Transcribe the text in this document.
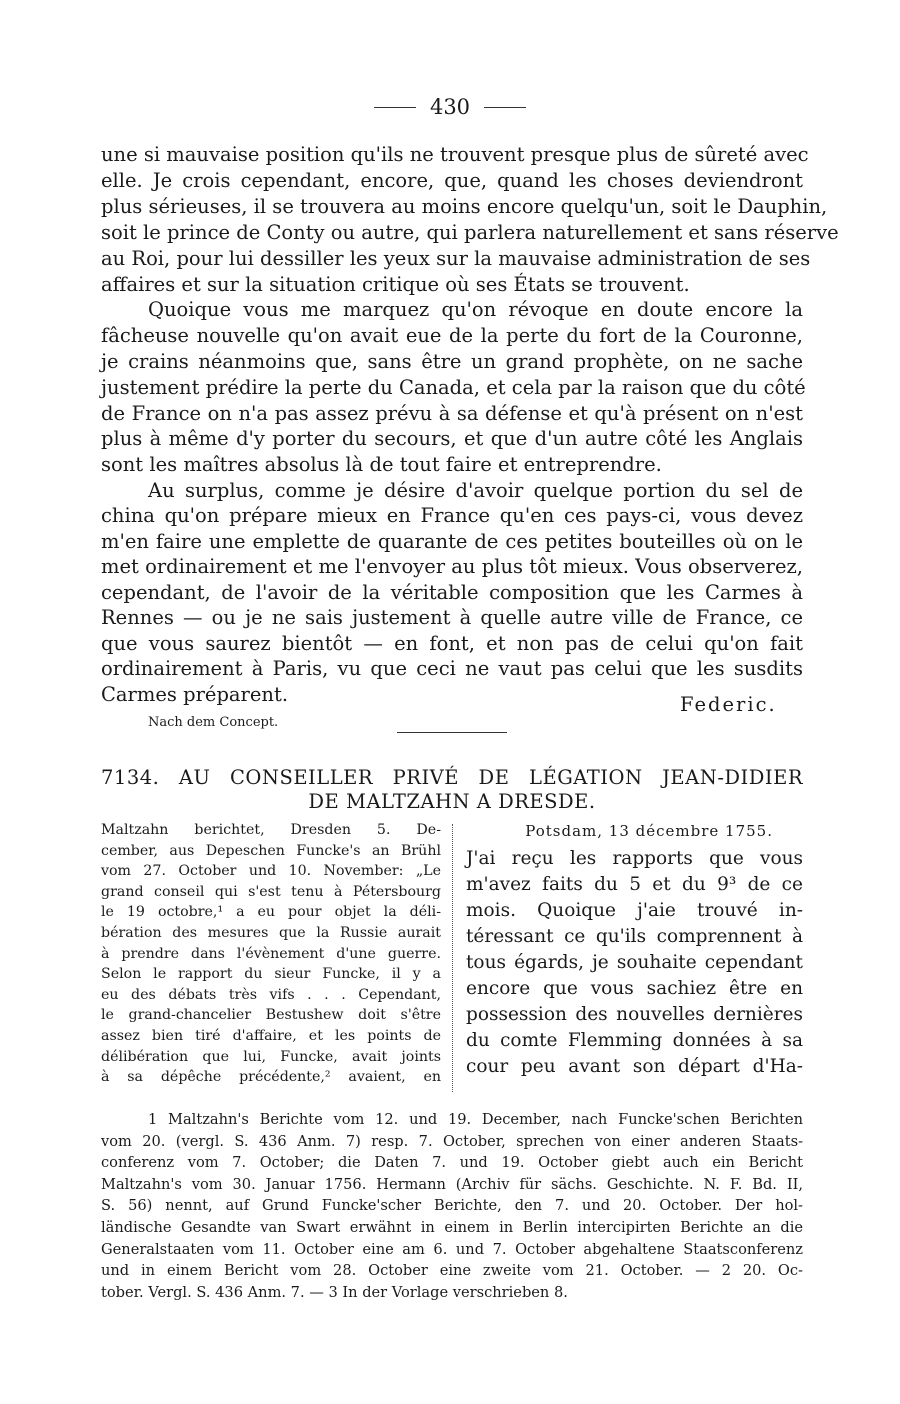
430
une si mauvaise position qu'ils ne trouvent presque plus de sûreté avec
elle. Je crois cependant, encore, que, quand les choses deviendront
plus sérieuses, il se trouvera au moins encore quelqu'un, soit le Dauphin,
soit le prince de Conty ou autre, qui parlera naturellement et sans réserve
au Roi, pour lui dessiller les yeux sur la mauvaise administration de ses
affaires et sur la situation critique où ses États se trouvent.
Quoique vous me marquez qu'on révoque en doute encore la
fâcheuse nouvelle qu'on avait eue de la perte du fort de la Couronne,
je crains néanmoins que, sans être un grand prophète, on ne sache
justement prédire la perte du Canada, et cela par la raison que du côté
de France on n'a pas assez prévu à sa défense et qu'à présent on n'est
plus à même d'y porter du secours, et que d'un autre côté les Anglais
sont les maîtres absolus là de tout faire et entreprendre.
Au surplus, comme je désire d'avoir quelque portion du sel de
china qu'on prépare mieux en France qu'en ces pays-ci, vous devez
m'en faire une emplette de quarante de ces petites bouteilles où on le
met ordinairement et me l'envoyer au plus tôt mieux. Vous observerez,
cependant, de l'avoir de la véritable composition que les Carmes à
Rennes — ou je ne sais justement à quelle autre ville de France, ce
que vous saurez bientôt — en font, et non pas de celui qu'on fait
ordinairement à Paris, vu que ceci ne vaut pas celui que les susdits
Carmes préparent.	Federic.
Nach dem Concept.
7134. AU CONSEILLER PRIVÉ DE LÉGATION JEAN-DIDIER
DE MALTZAHN A DRESDE.
Maltzahn berichtet, Dresden 5. De-
cember, aus Depeschen Funcke's an Brühl
vom 27. October und 10. November: „Le
grand conseil qui s'est tenu à Pétersbourg
le 19 octobre,¹ a eu pour objet la déli-
bération des mesures que la Russie aurait
à prendre dans l'évènement d'une guerre.
Selon le rapport du sieur Funcke, il y a
eu des débats très vifs . . . Cependant,
le grand-chancelier Bestushew doit s'être
assez bien tiré d'affaire, et les points de
délibération que lui, Funcke, avait joints
à sa dépêche précédente,² avaient, en
Potsdam, 13 décembre 1755.
J'ai reçu les rapports que vous
m'avez faits du 5 et du 9³ de ce
mois. Quoique j'aie trouvé in-
téressant ce qu'ils comprennent à
tous égards, je souhaite cependant
encore que vous sachiez être en
possession des nouvelles dernières
du comte Flemming données à sa
cour peu avant son départ d'Ha-
1 Maltzahn's Berichte vom 12. und 19. December, nach Funcke'schen Berichten
vom 20. (vergl. S. 436 Anm. 7) resp. 7. October, sprechen von einer anderen Staats-
conferenz vom 7. October; die Daten 7. und 19. October giebt auch ein Bericht
Maltzahn's vom 30. Januar 1756. Hermann (Archiv für sächs. Geschichte. N. F. Bd. II,
S. 56) nennt, auf Grund Funcke'scher Berichte, den 7. und 20. October. Der hol-
ländische Gesandte van Swart erwähnt in einem in Berlin intercipirten Berichte an die
Generalstaaten vom 11. October eine am 6. und 7. October abgehaltene Staatsconferenz
und in einem Bericht vom 28. October eine zweite vom 21. October. — 2 20. Oc-
tober. Vergl. S. 436 Anm. 7. — 3 In der Vorlage verschrieben 8.
